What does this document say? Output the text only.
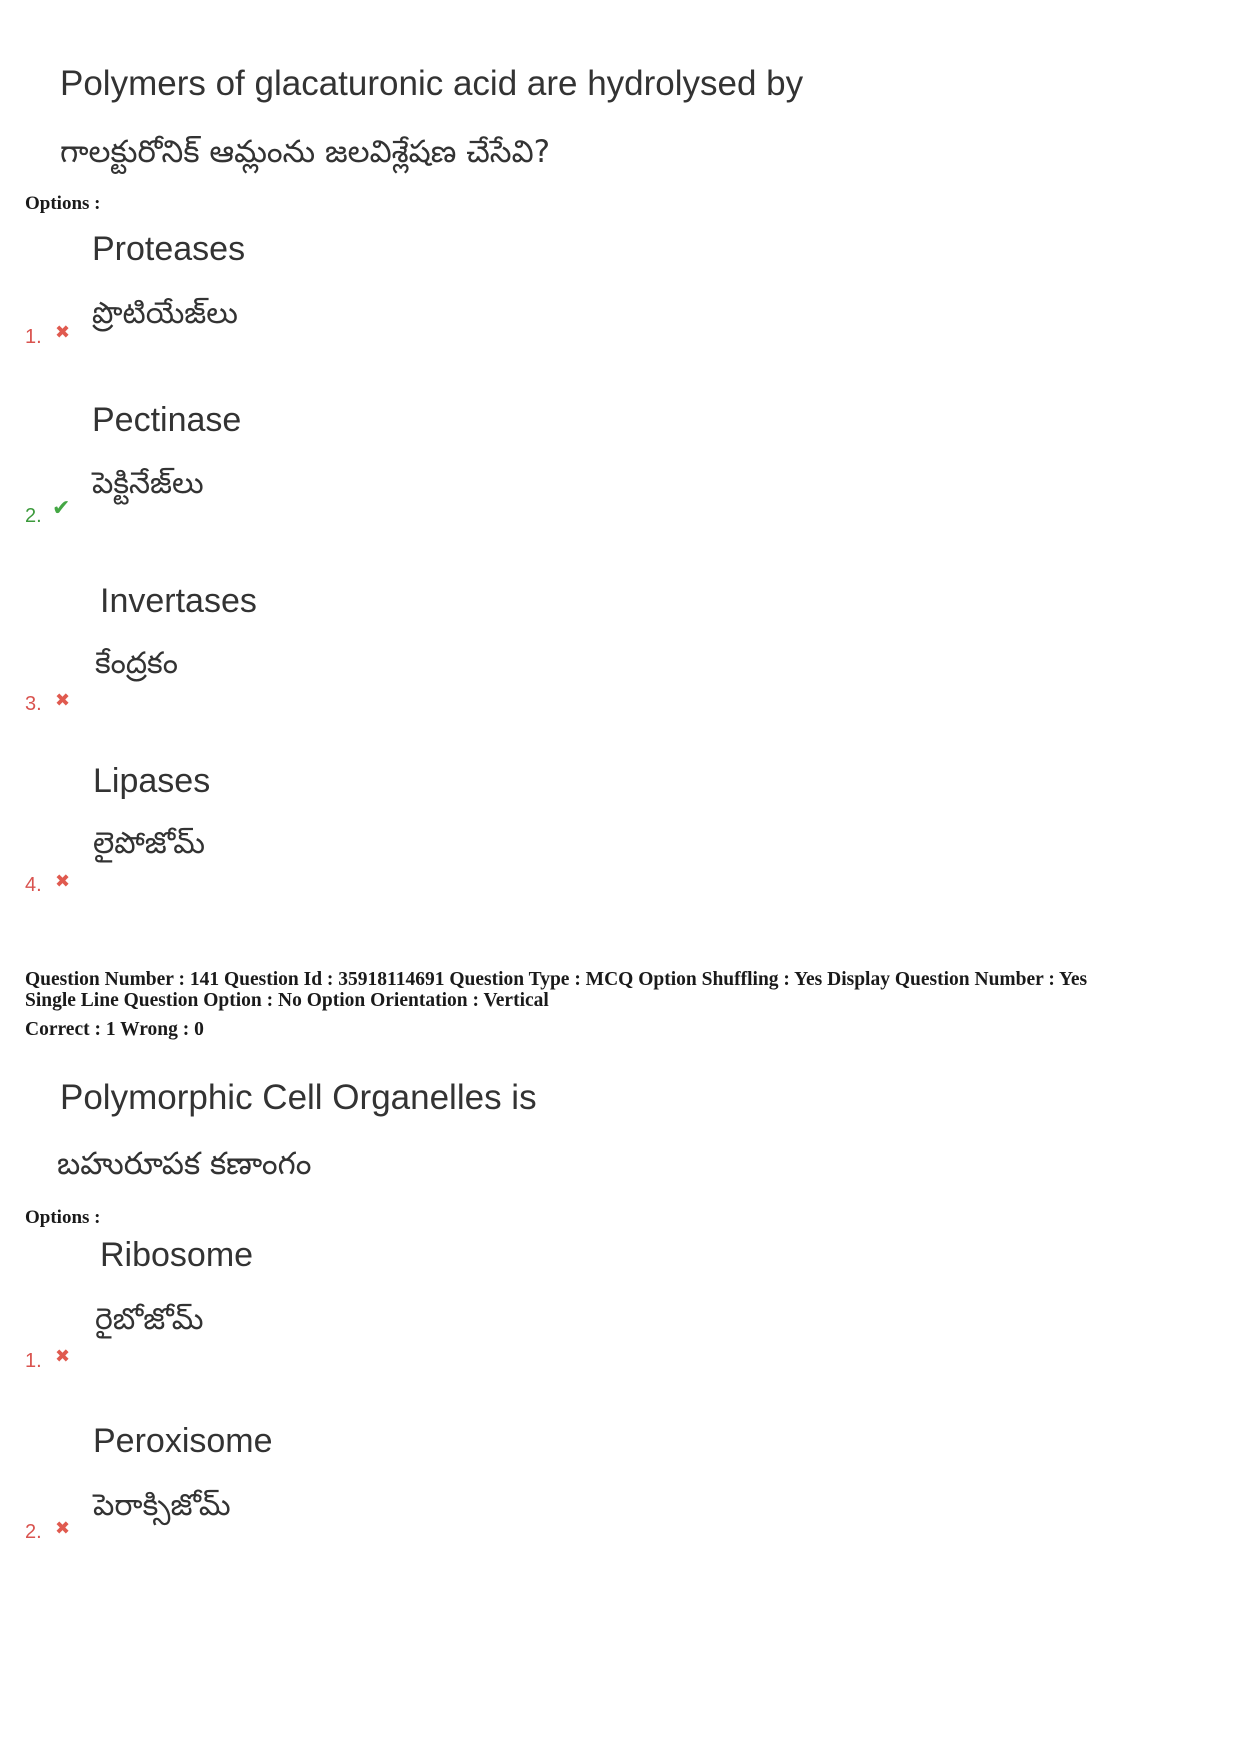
Polymers of glacaturonic acid are hydrolysed by
గాలక్టురోనిక్ ఆమ్లంను జలవిశ్లేషణ చేసేవి?
Options :
Proteases
ప్రొటియేజ్‌లు
1. ✖
Pectinase
పెక్టినేజ్‌లు
2. ✔
Invertases
కేంద్రకం
3. ✖
Lipases
లైపోజోమ్
4. ✖
Question Number : 141 Question Id : 35918114691 Question Type : MCQ Option Shuffling : Yes Display Question Number : Yes
Single Line Question Option : No Option Orientation : Vertical
Correct : 1 Wrong : 0
Polymorphic Cell Organelles is
బహురూపక కణాంగం
Options :
Ribosome
రైబోజోమ్
1. ✖
Peroxisome
పెరాక్సిజోమ్
2. ✖
